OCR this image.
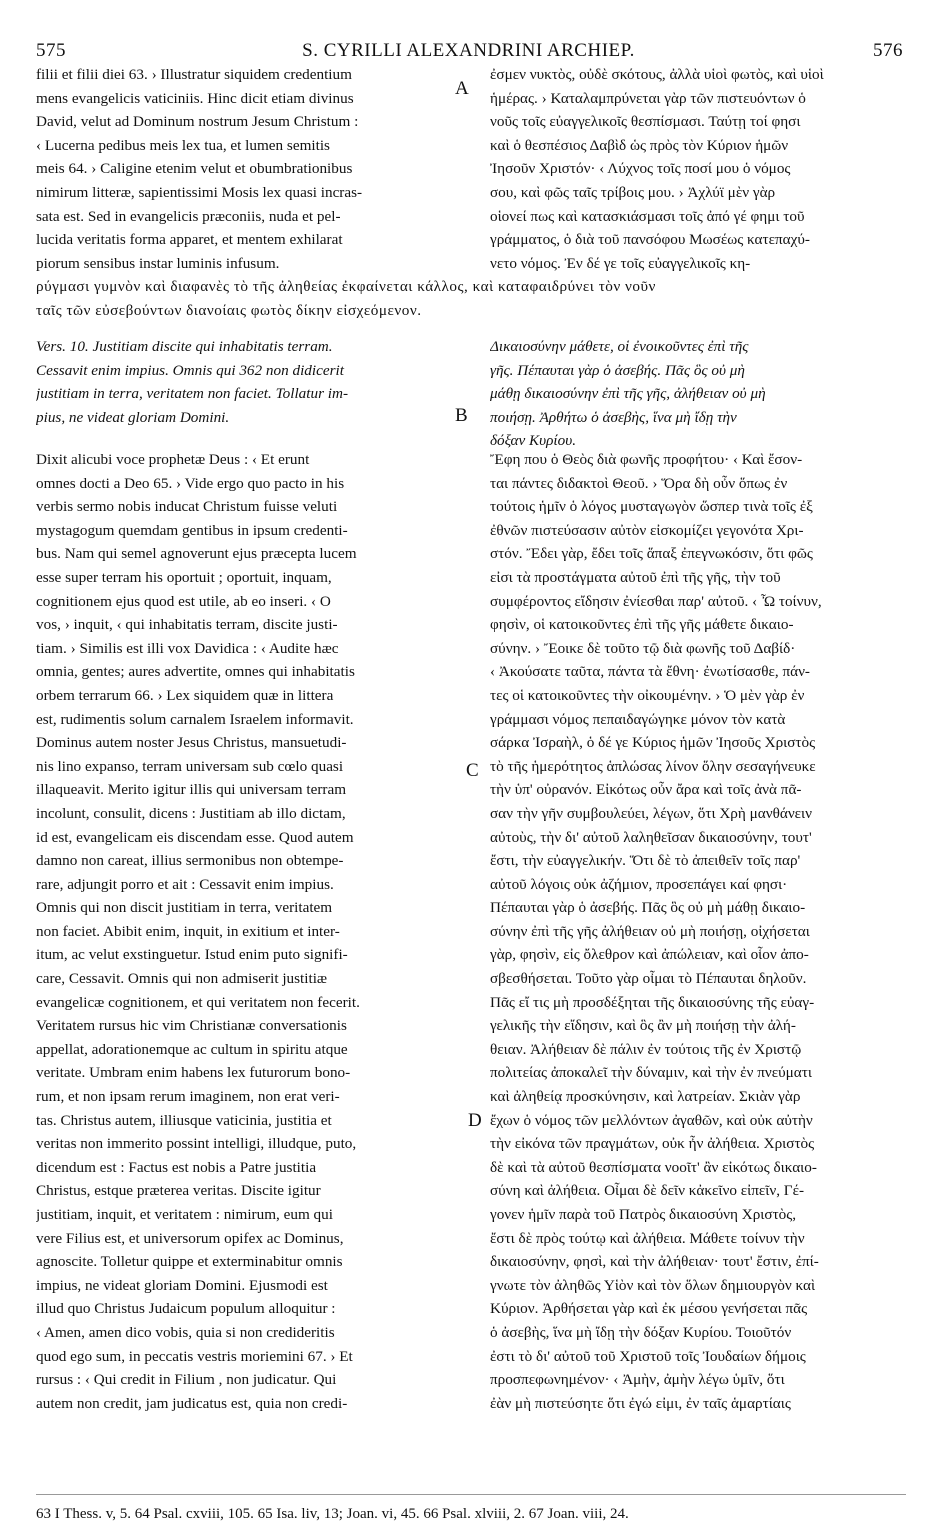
575	S. CYRILLI ALEXANDRINI ARCHIEP.	576
filii et filii diei 63. › Illustratur siquidem credentium
mens evangelicis vaticiniis. Hinc dicit etiam divinus
David, velut ad Dominum nostrum Jesum Christum :
‹ Lucerna pedibus meis lex tua, et lumen semitis
meis 64. › Caligine etenim velut et obumbrationibus
nimirum litteræ, sapientissimi Mosis lex quasi incras-
sata est. Sed in evangelicis præconiis, nuda et pel-
lucida veritatis forma apparet, et mentem exhilarat
piorum sensibus instar luminis infusum.
ἐσμεν νυκτὸς, οὐδὲ σκότους, ἀλλὰ υἱοὶ φωτὸς, καὶ υἱοὶ
ἡμέρας. › Καταλαμπρύνεται γὰρ τῶν πιστευόντων ὁ
νοῦς τοῖς εὐαγγελικοῖς θεσπίσμασι. Ταύτῃ τοί φησι
καὶ ὁ θεσπέσιος Δαβὶδ ὡς πρὸς τὸν Κύριον ἡμῶν
Ἰησοῦν Χριστόν· ‹ Λύχνος τοῖς ποσί μου ὁ νόμος
σου, καὶ φῶς ταῖς τρίβοις μου. › Ἀχλύϊ μὲν γὰρ
οἱονεί πως καὶ κατασκιάσμασι τοῖς ἀπό γέ φημι τοῦ
γράμματος, ὁ διὰ τοῦ πανσόφου Μωσέως κατεπαχύ-
νετο νόμος. Ἐν δέ γε τοῖς εὐαγγελικοῖς κη-
ρύγμασι γυμνὸν καὶ διαφανὲς τὸ τῆς ἀληθείας ἐκφαίνεται κάλλος, καὶ καταφαιδρύνει τὸν νοῦν
ταῖς τῶν εὐσεβούντων διανοίαις φωτὸς δίκην εἰσχεόμενον.
Vers. 10. Justitiam discite qui inhabitatis terram.
Cessavit enim impius. Omnis qui 362 non didicerit
justitiam in terra, veritatem non faciet. Tollatur im-
pius, ne videat gloriam Domini.
Δικαιοσύνην μάθετε, οἱ ἐνοικοῦντες ἐπὶ τῆς
γῆς. Πέπαυται γὰρ ὁ ἀσεβής. Πᾶς ὃς οὐ μὴ
μάθῃ δικαιοσύνην ἐπὶ τῆς γῆς, ἀλήθειαν οὐ μὴ
ποιήσῃ. Ἀρθήτω ὁ ἀσεβὴς, ἵνα μὴ ἴδῃ τὴν
δόξαν Κυρίου.
Dixit alicubi voce prophetæ Deus : ‹ Et erunt
omnes docti a Deo 65. › Vide ergo quo pacto in his
verbis sermo nobis inducat Christum fuisse veluti
mystagogum quemdam gentibus in ipsum credenti-
bus. Nam qui semel agnoverunt ejus præcepta lucem
esse super terram his oportuit ; oportuit, inquam,
cognitionem ejus quod est utile, ab eo inseri. ‹ O
vos, › inquit, ‹ qui inhabitatis terram, discite justi-
tiam. › Similis est illi vox Davidica : ‹ Audite hæc
omnia, gentes; aures advertite, omnes qui inhabitatis
orbem terrarum 66. › Lex siquidem quæ in littera
est, rudimentis solum carnalem Israelem informavit.
Dominus autem noster Jesus Christus, mansuetudi-
nis lino expanso, terram universam sub cœlo quasi
illaqueavit. Merito igitur illis qui universam terram
incolunt, consulit, dicens : Justitiam ab illo dictam,
id est, evangelicam eis discendam esse. Quod autem
damno non careat, illius sermonibus non obtempe-
rare, adjungit porro et ait : Cessavit enim impius.
Omnis qui non discit justitiam in terra, veritatem
non faciet. Abibit enim, inquit, in exitium et inter-
itum, ac velut exstinguetur. Istud enim puto signifi-
care, Cessavit. Omnis qui non admiserit justitiæ
evangelicæ cognitionem, et qui veritatem non fecerit.
Veritatem rursus hic vim Christianæ conversationis
appellat, adorationemque ac cultum in spiritu atque
veritate. Umbram enim habens lex futurorum bono-
rum, et non ipsam rerum imaginem, non erat veri-
tas. Christus autem, illiusque vaticinia, justitia et
veritas non immerito possint intelligi, illudque, puto,
dicendum est : Factus est nobis a Patre justitia
Christus, estque præterea veritas. Discite igitur
justitiam, inquit, et veritatem : nimirum, eum qui
vere Filius est, et universorum opifex ac Dominus,
agnoscite. Tolletur quippe et exterminabitur omnis
impius, ne videat gloriam Domini. Ejusmodi est
illud quo Christus Judaicum populum alloquitur :
‹ Amen, amen dico vobis, quia si non credideritis
quod ego sum, in peccatis vestris moriemini 67. › Et
rursus : ‹ Qui credit in Filium , non judicatur. Qui
autem non credit, jam judicatus est, quia non credi-
Ἔφη που ὁ Θεὸς διὰ φωνῆς προφήτου· ‹ Καὶ ἔσον-
ται πάντες διδακτοὶ Θεοῦ. › Ὅρα δὴ οὖν ὅπως ἐν
τούτοις ἡμῖν ὁ λόγος μυσταγωγὸν ὥσπερ τινὰ τοῖς ἐξ
ἐθνῶν πιστεύσασιν αὐτὸν εἰσκομίζει γεγονότα Χρι-
στόν. Ἔδει γὰρ, ἔδει τοῖς ἅπαξ ἐπεγνωκόσιν, ὅτι φῶς
εἰσι τὰ προστάγματα αὐτοῦ ἐπὶ τῆς γῆς, τὴν τοῦ
συμφέροντος εἴδησιν ἐνίεσθαι παρ' αὐτοῦ. ‹ Ὦ τοίνυν,
φησὶν, οἱ κατοικοῦντες ἐπὶ τῆς γῆς μάθετε δικαιο-
σύνην. › Ἔοικε δὲ τοῦτο τῷ διὰ φωνῆς τοῦ Δαβίδ·
‹ Ἀκούσατε ταῦτα, πάντα τὰ ἔθνη· ἐνωτίσασθε, πάν-
τες οἱ κατοικοῦντες τὴν οἰκουμένην. › Ὁ μὲν γὰρ ἐν
γράμμασι νόμος πεπαιδαγώγηκε μόνον τὸν κατὰ
σάρκα Ἰσραὴλ, ὁ δέ γε Κύριος ἡμῶν Ἰησοῦς Χριστὸς
τὸ τῆς ἡμερότητος ἁπλώσας λίνον ὅλην σεσαγήνευκε
τὴν ὑπ' οὐρανόν. Εἰκότως οὖν ἄρα καὶ τοῖς ἀνὰ πᾶ-
σαν τὴν γῆν συμβουλεύει, λέγων, ὅτι Χρὴ μανθάνειν
αὐτοὺς, τὴν δι' αὐτοῦ λαληθεῖσαν δικαιοσύνην, τουτ'
ἔστι, τὴν εὐαγγελικήν. Ὅτι δὲ τὸ ἀπειθεῖν τοῖς παρ'
αὐτοῦ λόγοις οὐκ ἀζήμιον, προσεπάγει καί φησι·
Πέπαυται γὰρ ὁ ἀσεβής. Πᾶς ὃς οὐ μὴ μάθῃ δικαιο-
σύνην ἐπὶ τῆς γῆς ἀλήθειαν οὐ μὴ ποιήσῃ, οἰχήσεται
γὰρ, φησὶν, εἰς ὄλεθρον καὶ ἀπώλειαν, καὶ οἷον ἀπο-
σβεσθήσεται. Τοῦτο γὰρ οἶμαι τὸ Πέπαυται δηλοῦν.
Πᾶς εἴ τις μὴ προσδέξηται τῆς δικαιοσύνης τῆς εὐαγ-
γελικῆς τὴν εἴδησιν, καὶ ὃς ἂν μὴ ποιήσῃ τὴν ἀλή-
θειαν. Ἀλήθειαν δὲ πάλιν ἐν τούτοις τῆς ἐν Χριστῷ
πολιτείας ἀποκαλεῖ τὴν δύναμιν, καὶ τὴν ἐν πνεύματι
καὶ ἀληθείᾳ προσκύνησιν, καὶ λατρείαν. Σκιὰν γὰρ
ἔχων ὁ νόμος τῶν μελλόντων ἀγαθῶν, καὶ οὐκ αὐτὴν
τὴν εἰκόνα τῶν πραγμάτων, οὐκ ἦν ἀλήθεια. Χριστὸς
δὲ καὶ τὰ αὐτοῦ θεσπίσματα νοοῖτ' ἂν εἰκότως δικαιο-
σύνη καὶ ἀλήθεια. Οἶμαι δὲ δεῖν κἀκεῖνο εἰπεῖν, Γέ-
γονεν ἡμῖν παρὰ τοῦ Πατρὸς δικαιοσύνη Χριστὸς,
ἔστι δὲ πρὸς τούτῳ καὶ ἀλήθεια. Μάθετε τοίνυν τὴν
δικαιοσύνην, φησὶ, καὶ τὴν ἀλήθειαν· τουτ' ἔστιν, ἐπί-
γνωτε τὸν ἀληθῶς Υἱὸν καὶ τὸν ὅλων δημιουργὸν καὶ
Κύριον. Ἀρθήσεται γὰρ καὶ ἐκ μέσου γενήσεται πᾶς
ὁ ἀσεβὴς, ἵνα μὴ ἴδῃ τὴν δόξαν Κυρίου. Τοιοῦτόν
ἐστι τὸ δι' αὐτοῦ τοῦ Χριστοῦ τοῖς Ἰουδαίων δήμοις
προσπεφωνημένον· ‹ Ἀμὴν, ἀμὴν λέγω ὑμῖν, ὅτι
ἐὰν μὴ πιστεύσητε ὅτι ἐγώ εἰμι, ἐν ταῖς ἁμαρτίαις
A
B
C
D
63 I Thess. v, 5. 64 Psal. cxviii, 105. 65 Isa. liv, 13; Joan. vi, 45. 66 Psal. xlviii, 2. 67 Joan. viii, 24.
